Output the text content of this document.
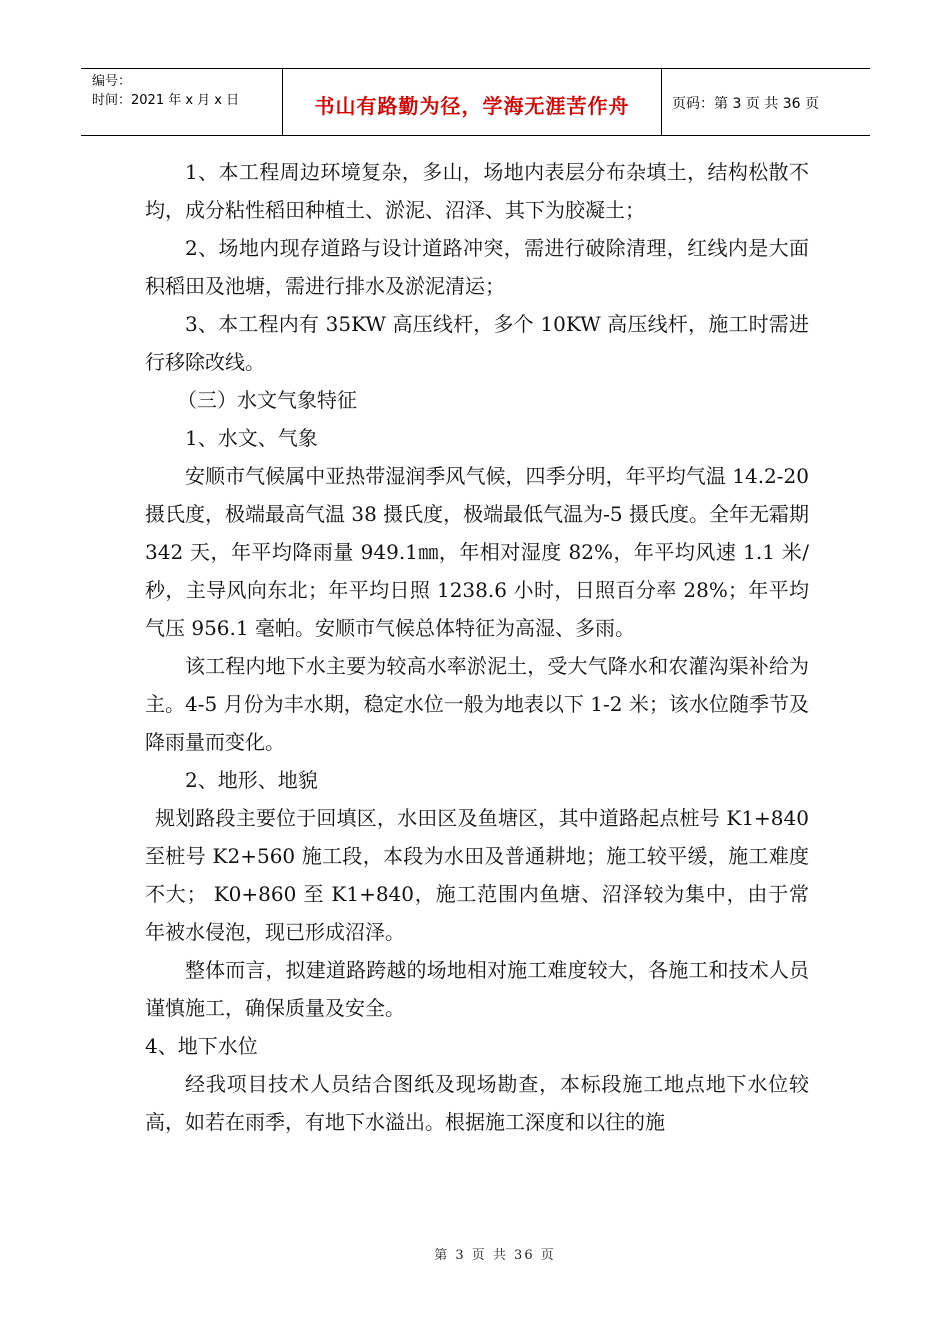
编号：
时间：2021 年 x 月 x 日	书山有路勤为径，学海无涯苦作舟	页码：第 3 页 共 36 页

1、本工程周边环境复杂，多山，场地内表层分布杂填土，结构松散不均，成分粘性稻田种植土、淤泥、沼泽、其下为胶凝土；

2、场地内现存道路与设计道路冲突，需进行破除清理，红线内是大面积稻田及池塘，需进行排水及淤泥清运；

3、本工程内有 35KW 高压线杆，多个 10KW 高压线杆，施工时需进行移除改线。

（三）水文气象特征

1、水文、气象

安顺市气候属中亚热带湿润季风气候，四季分明，年平均气温 14.2-20 摄氏度，极端最高气温 38 摄氏度，极端最低气温为-5 摄氏度。全年无霜期 342 天，年平均降雨量 949.1㎜，年相对湿度 82%，年平均风速 1.1 米/秒，主导风向东北；年平均日照 1238.6 小时，日照百分率 28%；年平均气压 956.1 毫帕。安顺市气候总体特征为高湿、多雨。

该工程内地下水主要为较高水率淤泥土，受大气降水和农灌沟渠补给为主。4-5 月份为丰水期，稳定水位一般为地表以下 1-2 米；该水位随季节及降雨量而变化。

2、地形、地貌

规划路段主要位于回填区，水田区及鱼塘区，其中道路起点桩号 K1+840 至桩号 K2+560 施工段，本段为水田及普通耕地；施工较平缓，施工难度不大； K0+860 至 K1+840，施工范围内鱼塘、沼泽较为集中，由于常年被水侵泡，现已形成沼泽。

整体而言，拟建道路跨越的场地相对施工难度较大，各施工和技术人员谨慎施工，确保质量及安全。

4、地下水位

经我项目技术人员结合图纸及现场勘查，本标段施工地点地下水位较高，如若在雨季，有地下水溢出。根据施工深度和以往的施

第 3 页 共 36 页
